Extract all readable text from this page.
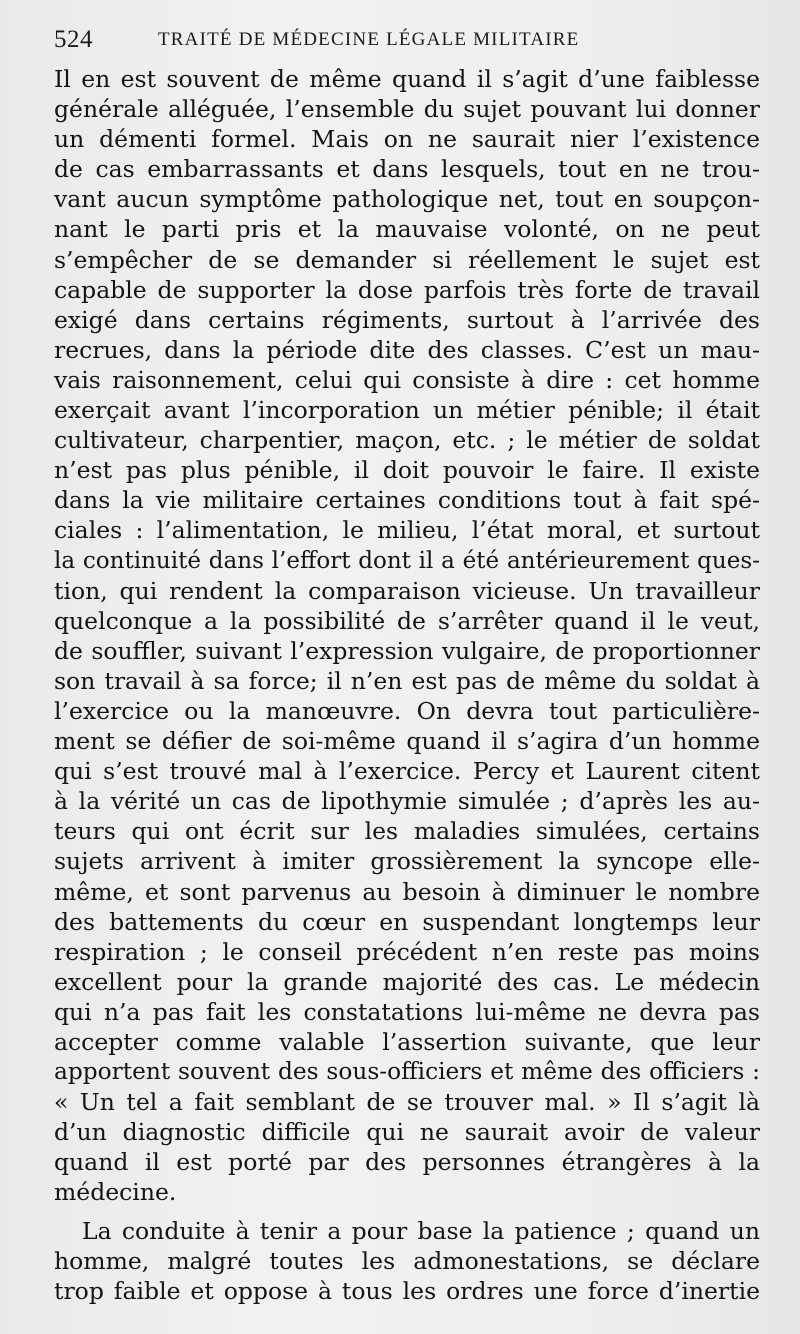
524	TRAITÉ DE MÉDECINE LÉGALE MILITAIRE
Il en est souvent de même quand il s’agit d’une faiblesse
générale alléguée, l’ensemble du sujet pouvant lui donner
un démenti formel. Mais on ne saurait nier l’existence
de cas embarrassants et dans lesquels, tout en ne trou-
vant aucun symptôme pathologique net, tout en soupçon-
nant le parti pris et la mauvaise volonté, on ne peut
s’empêcher de se demander si réellement le sujet est
capable de supporter la dose parfois très forte de travail
exigé dans certains régiments, surtout à l’arrivée des
recrues, dans la période dite des classes. C’est un mau-
vais raisonnement, celui qui consiste à dire : cet homme
exerçait avant l’incorporation un métier pénible; il était
cultivateur, charpentier, maçon, etc. ; le métier de soldat
n’est pas plus pénible, il doit pouvoir le faire. Il existe
dans la vie militaire certaines conditions tout à fait spé-
ciales : l’alimentation, le milieu, l’état moral, et surtout
la continuité dans l’effort dont il a été antérieurement ques-
tion, qui rendent la comparaison vicieuse. Un travailleur
quelconque a la possibilité de s’arrêter quand il le veut,
de souffler, suivant l’expression vulgaire, de proportionner
son travail à sa force; il n’en est pas de même du soldat à
l’exercice ou la manœuvre. On devra tout particulière-
ment se défier de soi-même quand il s’agira d’un homme
qui s’est trouvé mal à l’exercice. Percy et Laurent citent
à la vérité un cas de lipothymie simulée ; d’après les au-
teurs qui ont écrit sur les maladies simulées, certains
sujets arrivent à imiter grossièrement la syncope elle-
même, et sont parvenus au besoin à diminuer le nombre
des battements du cœur en suspendant longtemps leur
respiration ; le conseil précédent n’en reste pas moins
excellent pour la grande majorité des cas. Le médecin
qui n’a pas fait les constatations lui-même ne devra pas
accepter comme valable l’assertion suivante, que leur
apportent souvent des sous-officiers et même des officiers :
« Un tel a fait semblant de se trouver mal. » Il s’agit là
d’un diagnostic difficile qui ne saurait avoir de valeur
quand il est porté par des personnes étrangères à la
médecine.
La conduite à tenir a pour base la patience ; quand un
homme, malgré toutes les admonestations, se déclare
trop faible et oppose à tous les ordres une force d’inertie
